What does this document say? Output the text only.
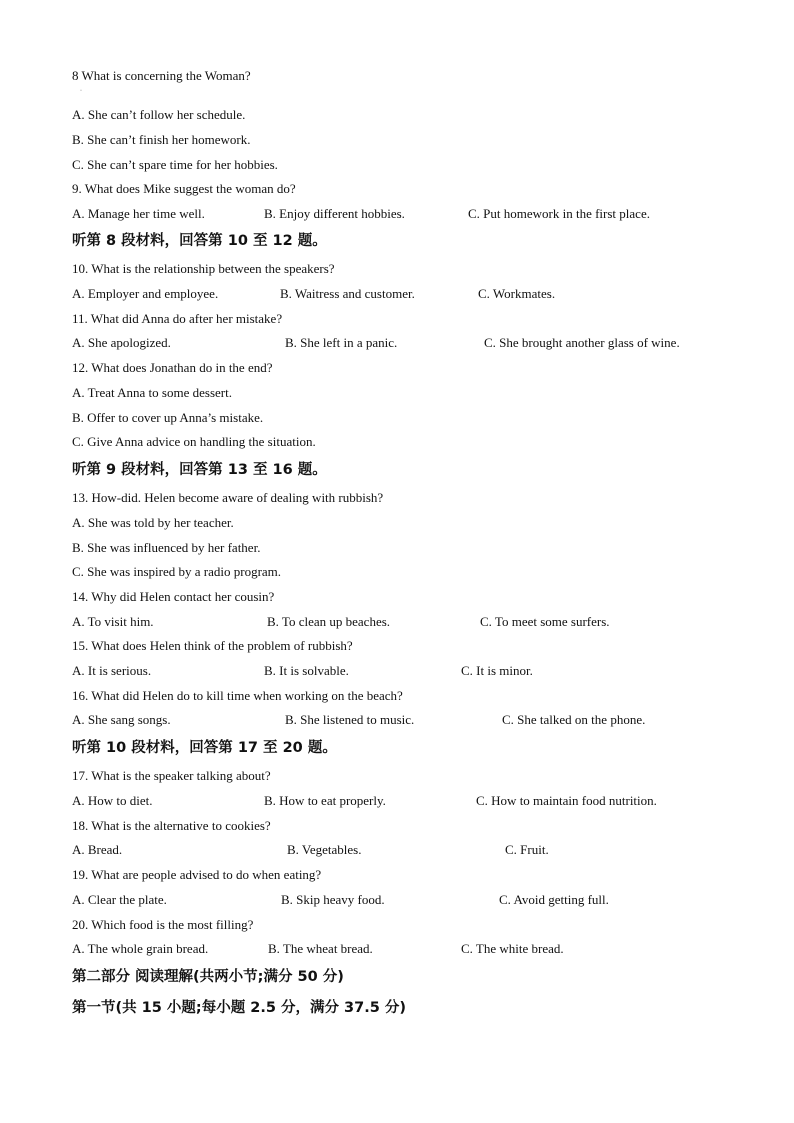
8 What is concerning the Woman?
·
A. She can’t follow her schedule.
B. She can’t finish her homework.
C. She can’t spare time for her hobbies.
9. What does Mike suggest the woman do?
A. Manage her time well.	B. Enjoy different hobbies.	C. Put homework in the first place.
听第 8 段材料，回答第 10 至 12 题。
10. What is the relationship between the speakers?
A. Employer and employee.	B. Waitress and customer.	C. Workmates.
11. What did Anna do after her mistake?
A. She apologized.	B. She left in a panic.	C. She brought another glass of wine.
12. What does Jonathan do in the end?
A. Treat Anna to some dessert.
B. Offer to cover up Anna’s mistake.
C. Give Anna advice on handling the situation.
听第 9 段材料，回答第 13 至 16 题。
13. How-did. Helen become aware of dealing with rubbish?
A. She was told by her teacher.
B. She was influenced by her father.
C. She was inspired by a radio program.
14. Why did Helen contact her cousin?
A. To visit him.	B. To clean up beaches.	C. To meet some surfers.
15. What does Helen think of the problem of rubbish?
A. It is serious.	B. It is solvable.	C. It is minor.
16. What did Helen do to kill time when working on the beach?
A. She sang songs.	B. She listened to music.	C. She talked on the phone.
听第 10 段材料，回答第 17 至 20 题。
17. What is the speaker talking about?
A. How to diet.	B. How to eat properly.	C. How to maintain food nutrition.
18. What is the alternative to cookies?
A. Bread.	B. Vegetables.	C. Fruit.
19. What are people advised to do when eating?
A. Clear the plate.	B. Skip heavy food.	C. Avoid getting full.
20. Which food is the most filling?
A. The whole grain bread.	B. The wheat bread.	C. The white bread.
第二部分 阅读理解(共两小节;满分 50 分)
第一节(共 15 小题;每小题 2.5 分，满分 37.5 分)
